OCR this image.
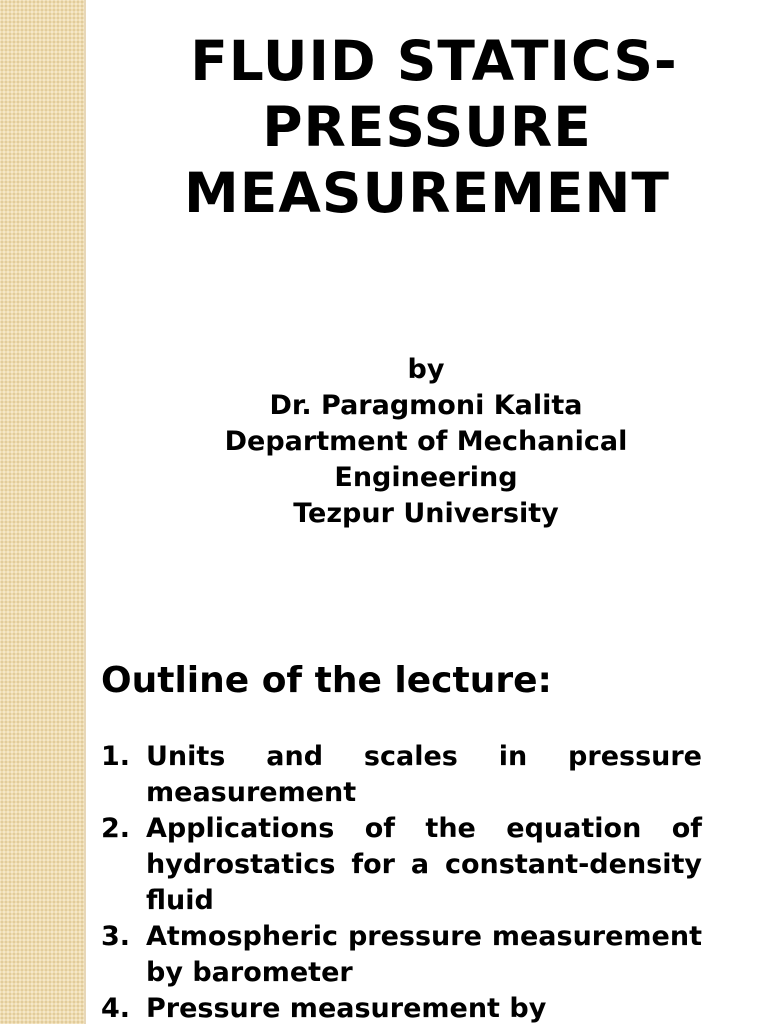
FLUID STATICS-
PRESSURE
MEASUREMENT
by
Dr. Paragmoni Kalita
Department of Mechanical
Engineering
Tezpur University
Outline of the lecture:
1. Units and scales in pressure measurement
2. Applications of the equation of hydrostatics for a constant-density fluid
3. Atmospheric pressure measurement by barometer
4. Pressure measurement by
